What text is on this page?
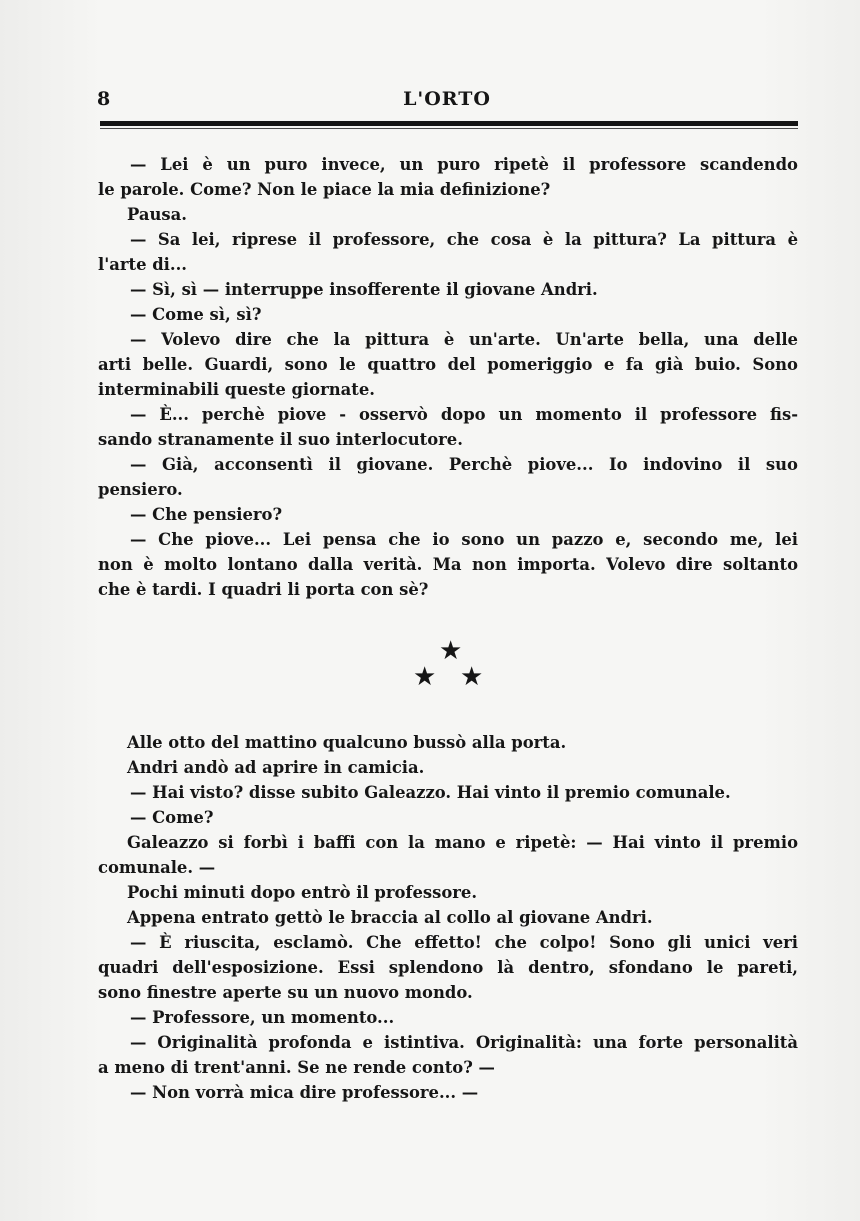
8	L'ORTO
— Lei è un puro invece, un puro ripetè il professore scandendo
le parole. Come? Non le piace la mia definizione?
Pausa.
— Sa lei, riprese il professore, che cosa è la pittura? La pittura è
l'arte di...
— Sì, sì — interruppe insofferente il giovane Andri.
— Come sì, sì?
— Volevo dire che la pittura è un'arte. Un'arte bella, una delle
arti belle. Guardi, sono le quattro del pomeriggio e fa già buio. Sono
interminabili queste giornate.
— È... perchè piove - osservò dopo un momento il professore fis-
sando stranamente il suo interlocutore.
— Già, acconsentì il giovane. Perchè piove... Io indovino il suo
pensiero.
— Che pensiero?
— Che piove... Lei pensa che io sono un pazzo e, secondo me, lei
non è molto lontano dalla verità. Ma non importa. Volevo dire soltanto
che è tardi. I quadri li porta con sè?
★
★ ★
Alle otto del mattino qualcuno bussò alla porta.
Andri andò ad aprire in camicia.
— Hai visto? disse subito Galeazzo. Hai vinto il premio comunale.
— Come?
Galeazzo si forbì i baffi con la mano e ripetè: — Hai vinto il premio
comunale. —
Pochi minuti dopo entrò il professore.
Appena entrato gettò le braccia al collo al giovane Andri.
— È riuscita, esclamò. Che effetto! che colpo! Sono gli unici veri
quadri dell'esposizione. Essi splendono là dentro, sfondano le pareti,
sono finestre aperte su un nuovo mondo.
— Professore, un momento...
— Originalità profonda e istintiva. Originalità: una forte personalità
a meno di trent'anni. Se ne rende conto? —
— Non vorrà mica dire professore... —
